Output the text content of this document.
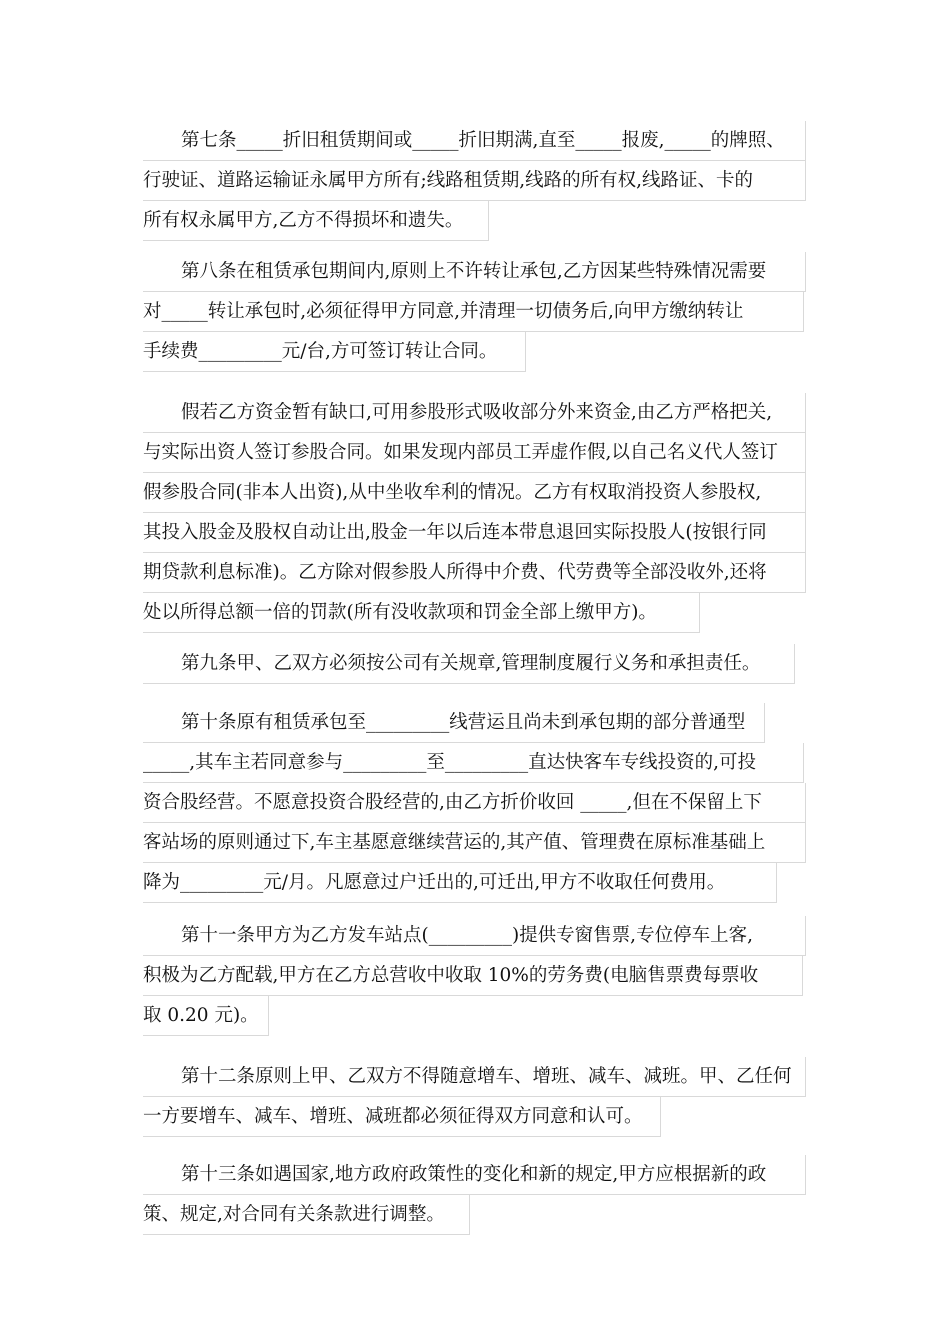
第七条_____折旧租赁期间或_____折旧期满,直至_____报废,_____的牌照、
行驶证、道路运输证永属甲方所有;线路租赁期,线路的所有权,线路证、卡的
所有权永属甲方,乙方不得损坏和遗失。
第八条在租赁承包期间内,原则上不许转让承包,乙方因某些特殊情况需要
对_____转让承包时,必须征得甲方同意,并清理一切债务后,向甲方缴纳转让
手续费_________元/台,方可签订转让合同。
假若乙方资金暂有缺口,可用参股形式吸收部分外来资金,由乙方严格把关,
与实际出资人签订参股合同。如果发现内部员工弄虚作假,以自己名义代人签订
假参股合同(非本人出资),从中坐收牟利的情况。乙方有权取消投资人参股权,
其投入股金及股权自动让出,股金一年以后连本带息退回实际投股人(按银行同
期贷款利息标准)。乙方除对假参股人所得中介费、代劳费等全部没收外,还将
处以所得总额一倍的罚款(所有没收款项和罚金全部上缴甲方)。
第九条甲、乙双方必须按公司有关规章,管理制度履行义务和承担责任。
第十条原有租赁承包至_________线营运且尚未到承包期的部分普通型
_____,其车主若同意参与_________至_________直达快客车专线投资的,可投
资合股经营。不愿意投资合股经营的,由乙方折价收回 _____,但在不保留上下
客站场的原则通过下,车主基愿意继续营运的,其产值、管理费在原标准基础上
降为_________元/月。凡愿意过户迁出的,可迁出,甲方不收取任何费用。
第十一条甲方为乙方发车站点(_________)提供专窗售票,专位停车上客,
积极为乙方配载,甲方在乙方总营收中收取 10%的劳务费(电脑售票费每票收
取 0.20 元)。
第十二条原则上甲、乙双方不得随意增车、增班、减车、减班。甲、乙任何
一方要增车、减车、增班、减班都必须征得双方同意和认可。
第十三条如遇国家,地方政府政策性的变化和新的规定,甲方应根据新的政
策、规定,对合同有关条款进行调整。
